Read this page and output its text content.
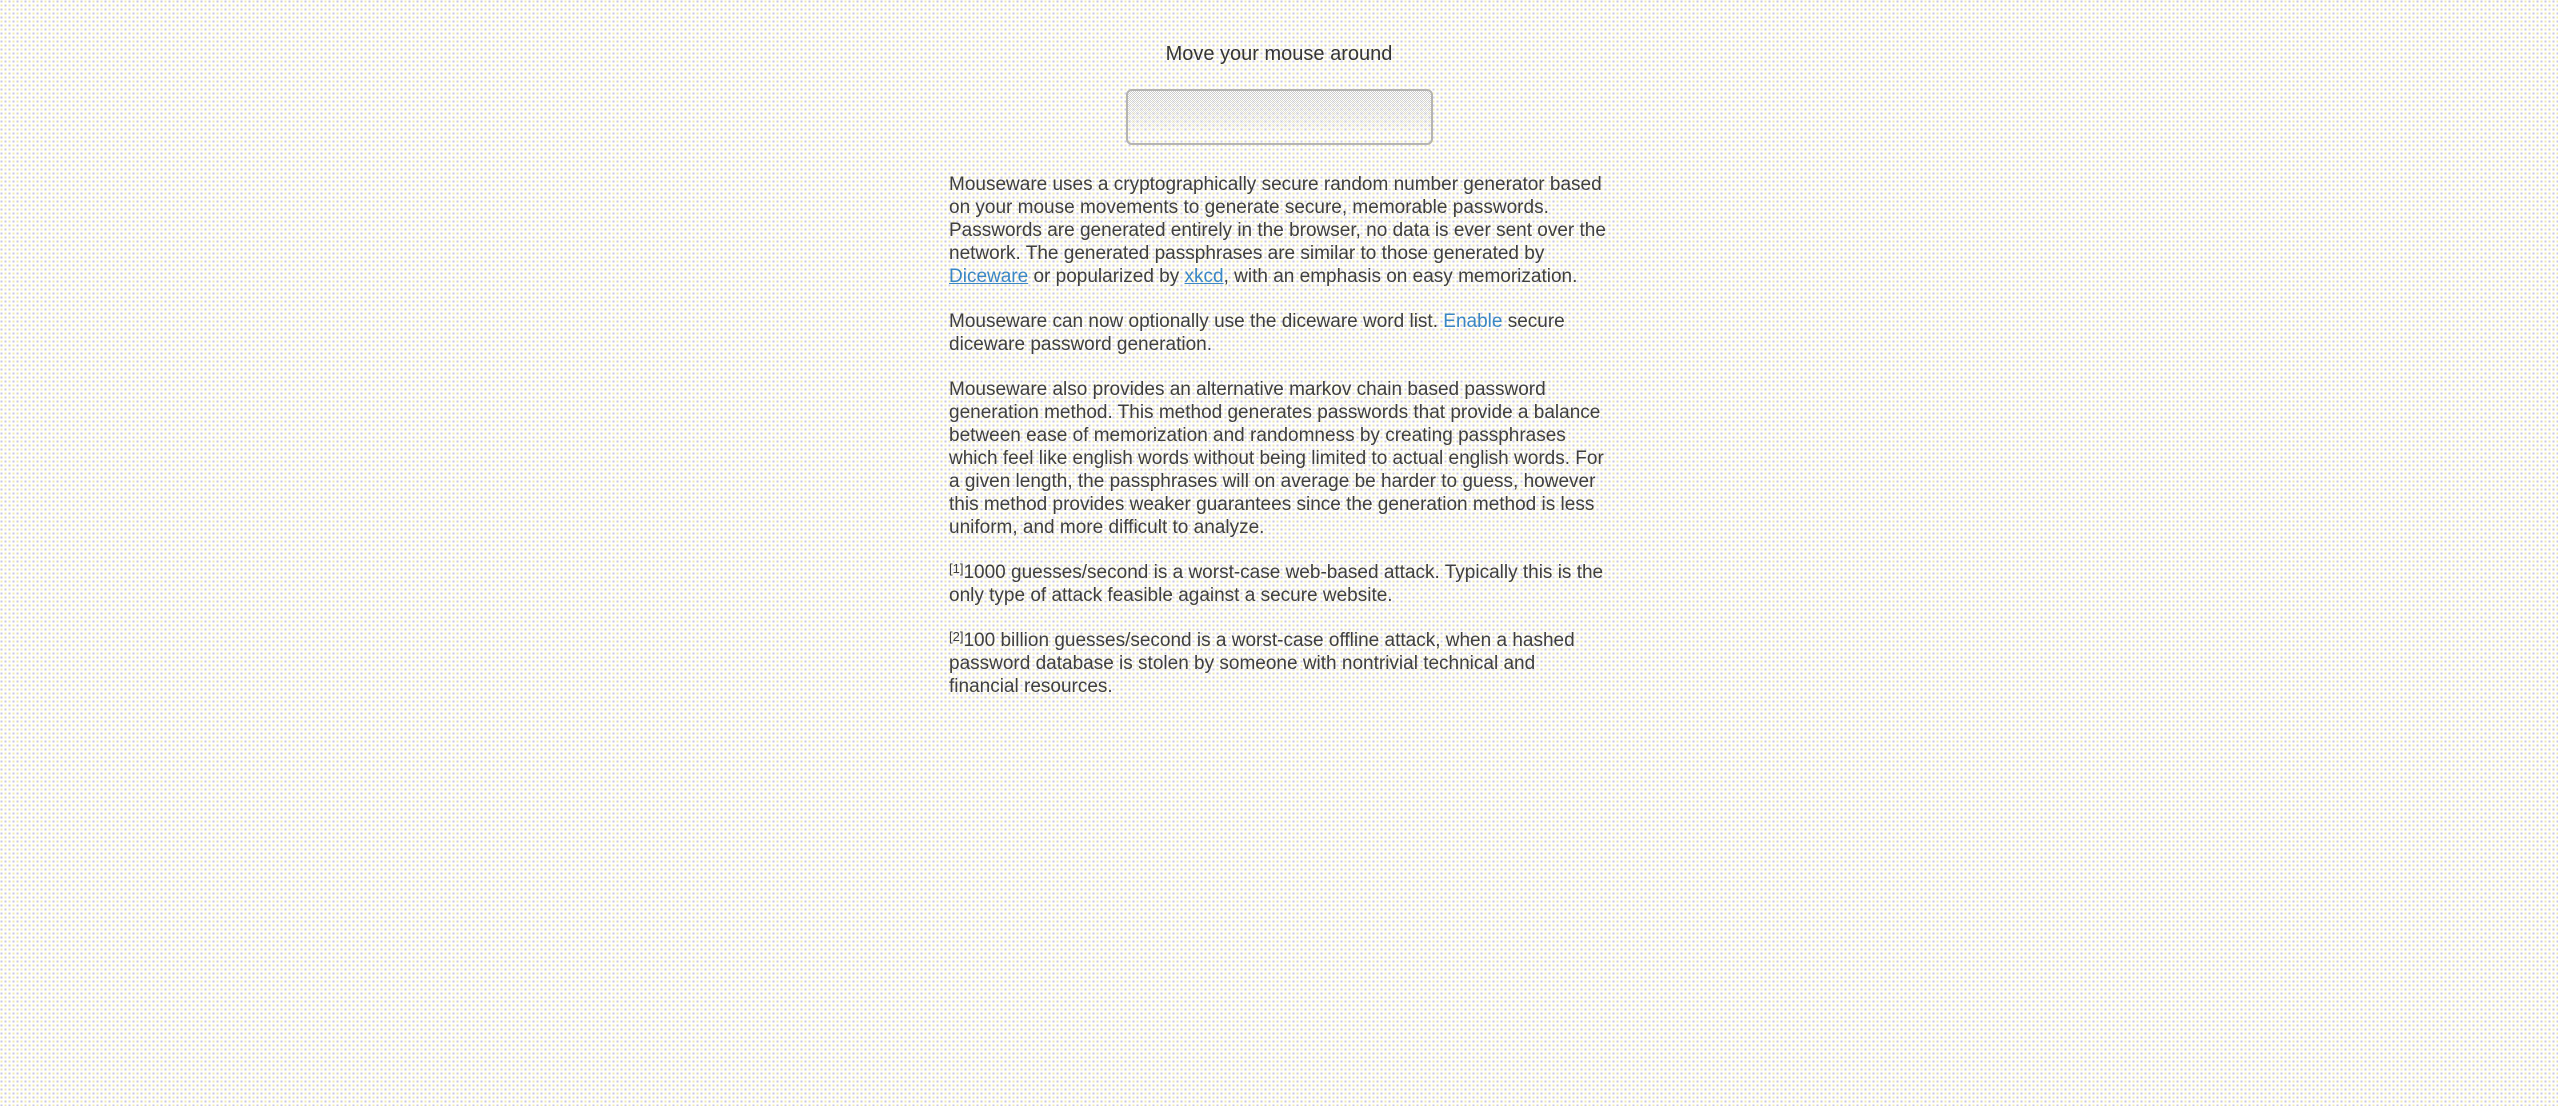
Move your mouse around

Mouseware uses a cryptographically secure random number generator based on your mouse movements to generate secure, memorable passwords. Passwords are generated entirely in the browser, no data is ever sent over the network. The generated passphrases are similar to those generated by Diceware or popularized by xkcd, with an emphasis on easy memorization.

Mouseware can now optionally use the diceware word list. Enable secure diceware password generation.

Mouseware also provides an alternative markov chain based password generation method. This method generates passwords that provide a balance between ease of memorization and randomness by creating passphrases which feel like english words without being limited to actual english words. For a given length, the passphrases will on average be harder to guess, however this method provides weaker guarantees since the generation method is less uniform, and more difficult to analyze.

[1]1000 guesses/second is a worst-case web-based attack. Typically this is the only type of attack feasible against a secure website.

[2]100 billion guesses/second is a worst-case offline attack, when a hashed password database is stolen by someone with nontrivial technical and financial resources.
